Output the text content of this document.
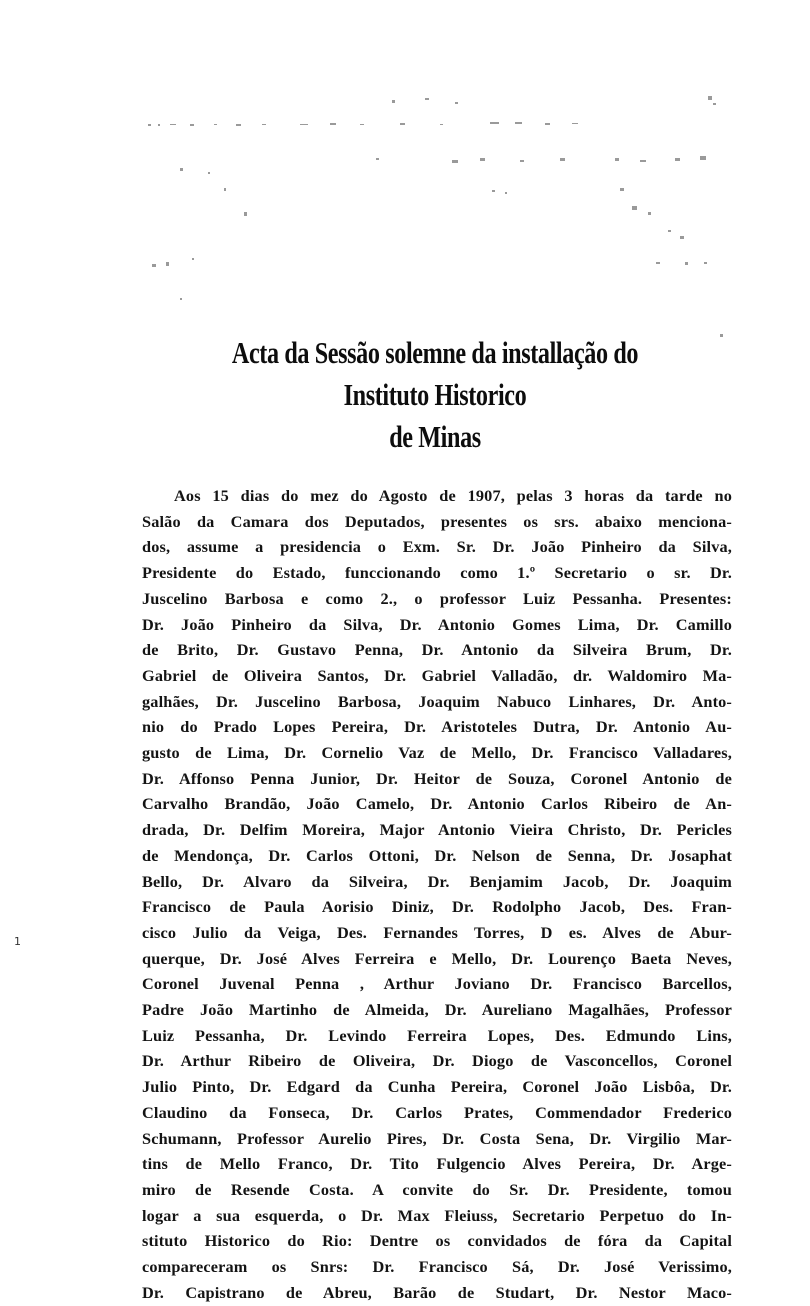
1
Acta da Sessão solemne da installação do Instituto Historico
de Minas
Aos 15 dias do mez do Agosto de 1907, pelas 3 horas da tarde no
Salão da Camara dos Deputados, presentes os srs. abaixo menciona-
dos, assume a presidencia o Exm. Sr. Dr. João Pinheiro da Silva,
Presidente do Estado, funccionando como 1.º Secretario o sr. Dr.
Juscelino Barbosa e como 2., o professor Luiz Pessanha. Presentes:
Dr. João Pinheiro da Silva, Dr. Antonio Gomes Lima, Dr. Camillo
de Brito, Dr. Gustavo Penna, Dr. Antonio da Silveira Brum, Dr.
Gabriel de Oliveira Santos, Dr. Gabriel Valladão, dr. Waldomiro Ma-
galhães, Dr. Juscelino Barbosa, Joaquim Nabuco Linhares, Dr. Anto-
nio do Prado Lopes Pereira, Dr. Aristoteles Dutra, Dr. Antonio Au-
gusto de Lima, Dr. Cornelio Vaz de Mello, Dr. Francisco Valladares,
Dr. Affonso Penna Junior, Dr. Heitor de Souza, Coronel Antonio de
Carvalho Brandão, João Camelo, Dr. Antonio Carlos Ribeiro de An-
drada, Dr. Delfim Moreira, Major Antonio Vieira Christo, Dr. Pericles
de Mendonça, Dr. Carlos Ottoni, Dr. Nelson de Senna, Dr. Josaphat
Bello, Dr. Alvaro da Silveira, Dr. Benjamim Jacob, Dr. Joaquim
Francisco de Paula Aorisio Diniz, Dr. Rodolpho Jacob, Des. Fran-
cisco Julio da Veiga, Des. Fernandes Torres, D es. Alves de Abur-
querque, Dr. José Alves Ferreira e Mello, Dr. Lourenço Baeta Neves,
Coronel Juvenal Penna , Arthur Joviano Dr. Francisco Barcellos,
Padre João Martinho de Almeida, Dr. Aureliano Magalhães, Professor
Luiz Pessanha, Dr. Levindo Ferreira Lopes, Des. Edmundo Lins,
Dr. Arthur Ribeiro de Oliveira, Dr. Diogo de Vasconcellos, Coronel
Julio Pinto, Dr. Edgard da Cunha Pereira, Coronel João Lisbôa, Dr.
Claudino da Fonseca, Dr. Carlos Prates, Commendador Frederico
Schumann, Professor Aurelio Pires, Dr. Costa Sena, Dr. Virgilio Mar-
tins de Mello Franco, Dr. Tito Fulgencio Alves Pereira, Dr. Arge-
miro de Resende Costa. A convite do Sr. Dr. Presidente, tomou
logar a sua esquerda, o Dr. Max Fleiuss, Secretario Perpetuo do In-
stituto Historico do Rio: Dentre os convidados de fóra da Capital
compareceram os Snrs: Dr. Francisco Sá, Dr. José Verissimo,
Dr. Capistrano de Abreu, Barão de Studart, Dr. Nestor Maco-
